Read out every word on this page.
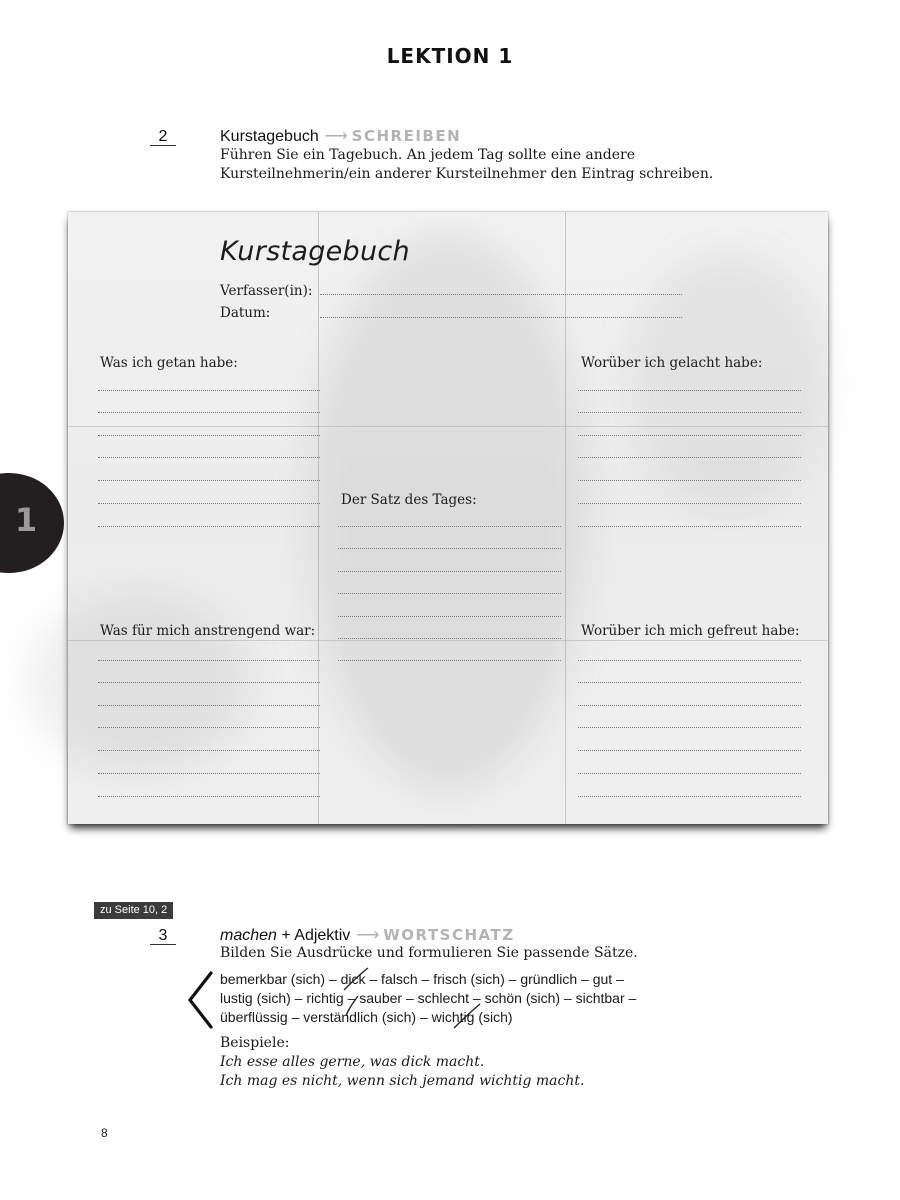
LEKTION 1
2	Kurstagebuch ⟶ SCHREIBEN
Führen Sie ein Tagebuch. An jedem Tag sollte eine andere
Kursteilnehmerin/ein anderer Kursteilnehmer den Eintrag schreiben.
Kurstagebuch
Verfasser(in):
Datum:
Was ich getan habe:	Worüber ich gelacht habe:
Der Satz des Tages:
Was für mich anstrengend war:	Worüber ich mich gefreut habe:
1
zu Seite 10, 2
3	machen + Adjektiv ⟶ WORTSCHATZ
Bilden Sie Ausdrücke und formulieren Sie passende Sätze.
bemerkbar (sich) – dick – falsch – frisch (sich) – gründlich – gut –
lustig (sich) – richtig – sauber – schlecht – schön (sich) – sichtbar –
überflüssig – verständlich (sich) – wichtig (sich)
Beispiele:
Ich esse alles gerne, was dick macht.
Ich mag es nicht, wenn sich jemand wichtig macht.
8
